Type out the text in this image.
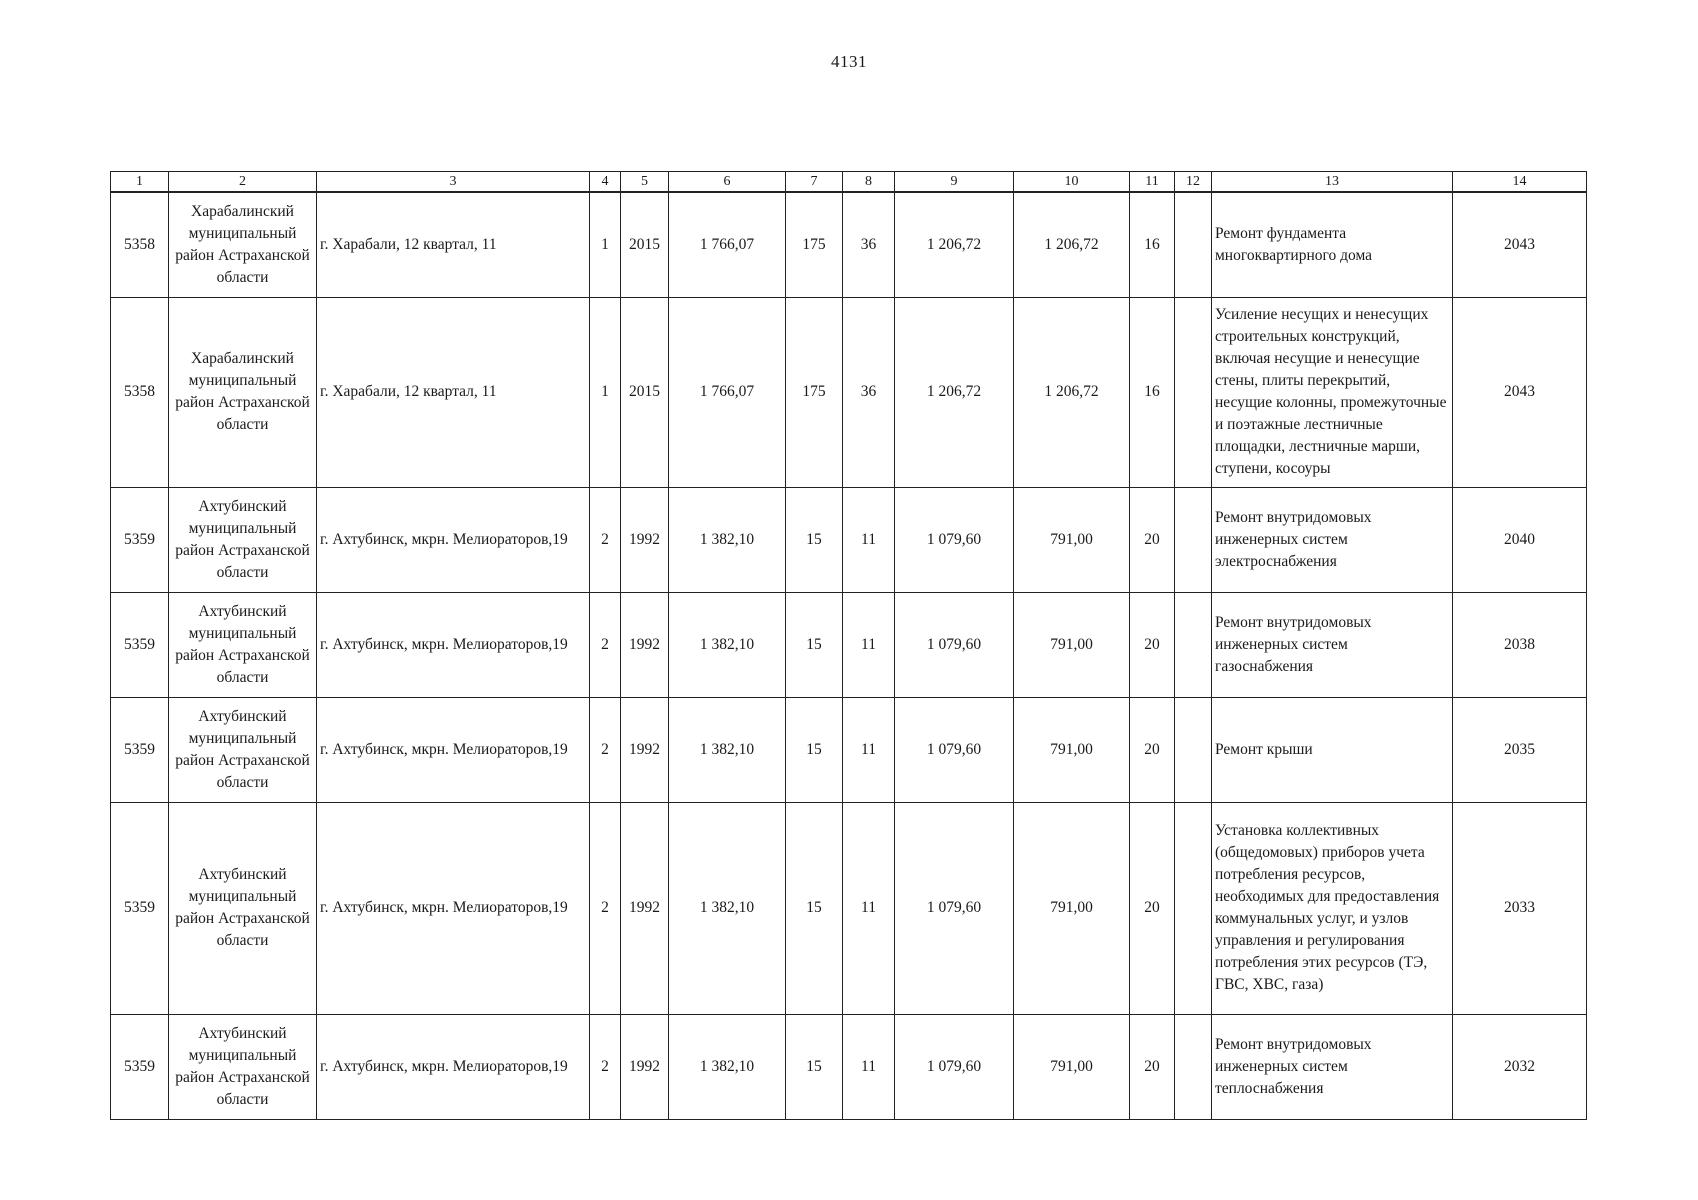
4131
1	2	3	4	5	6	7	8	9	10	11	12	13	14
5358	Харабалинский муниципальный район Астраханской области	г. Харабали, 12 квартал, 11	1	2015	1 766,07	175	36	1 206,72	1 206,72	16		Ремонт фундамента многоквартирного дома	2043
5358	Харабалинский муниципальный район Астраханской области	г. Харабали, 12 квартал, 11	1	2015	1 766,07	175	36	1 206,72	1 206,72	16		Усиление несущих и ненесущих строительных конструкций, включая несущие и ненесущие стены, плиты перекрытий, несущие колонны, промежуточные и поэтажные лестничные площадки, лестничные марши, ступени, косоуры	2043
5359	Ахтубинский муниципальный район Астраханской области	г. Ахтубинск, мкрн. Мелиораторов,19	2	1992	1 382,10	15	11	1 079,60	791,00	20		Ремонт внутридомовых инженерных систем электроснабжения	2040
5359	Ахтубинский муниципальный район Астраханской области	г. Ахтубинск, мкрн. Мелиораторов,19	2	1992	1 382,10	15	11	1 079,60	791,00	20		Ремонт внутридомовых инженерных систем газоснабжения	2038
5359	Ахтубинский муниципальный район Астраханской области	г. Ахтубинск, мкрн. Мелиораторов,19	2	1992	1 382,10	15	11	1 079,60	791,00	20		Ремонт крыши	2035
5359	Ахтубинский муниципальный район Астраханской области	г. Ахтубинск, мкрн. Мелиораторов,19	2	1992	1 382,10	15	11	1 079,60	791,00	20		Установка коллективных (общедомовых) приборов учета потребления ресурсов, необходимых для предоставления коммунальных услуг, и узлов управления и регулирования потребления этих ресурсов (ТЭ, ГВС, ХВС, газа)	2033
5359	Ахтубинский муниципальный район Астраханской области	г. Ахтубинск, мкрн. Мелиораторов,19	2	1992	1 382,10	15	11	1 079,60	791,00	20		Ремонт внутридомовых инженерных систем теплоснабжения	2032
